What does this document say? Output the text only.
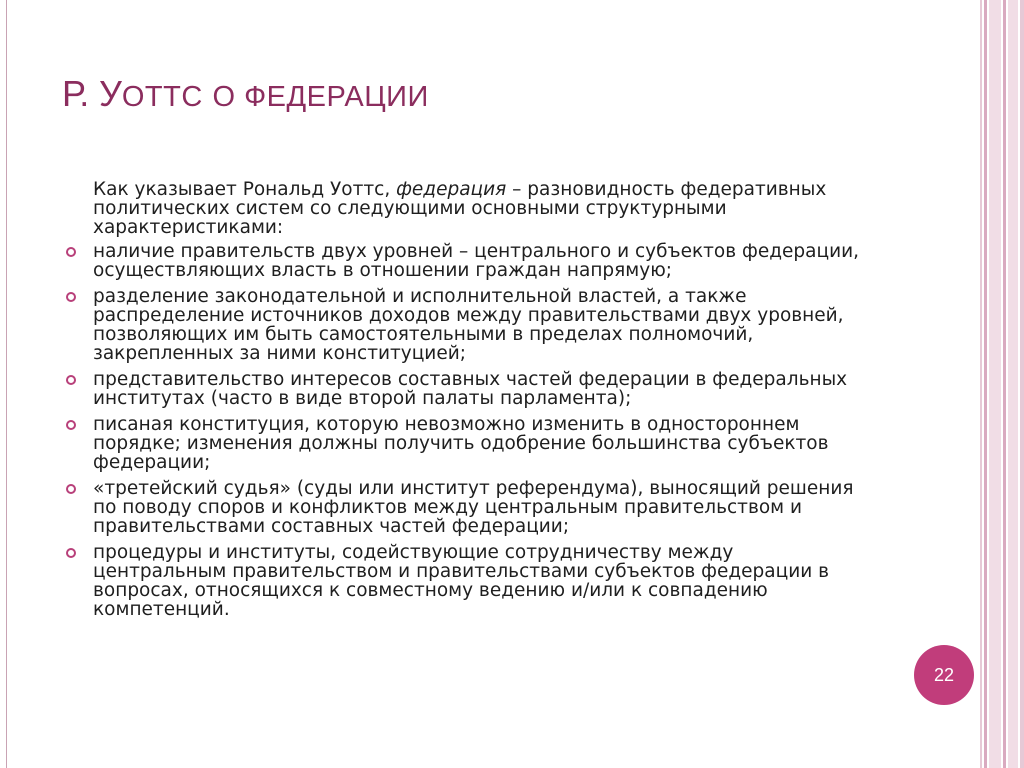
Р. УОТТС О ФЕДЕРАЦИИ

Как указывает Рональд Уоттс, федерация – разновидность федеративных политических систем со следующими основными структурными характеристиками:

наличие правительств двух уровней – центрального и субъектов федерации, осуществляющих власть в отношении граждан напрямую;
разделение законодательной и исполнительной властей, а также распределение источников доходов между правительствами двух уровней, позволяющих им быть самостоятельными в пределах полномочий, закрепленных за ними конституцией;
представительство интересов составных частей федерации в федеральных институтах (часто в виде второй палаты парламента);
писаная конституция, которую невозможно изменить в одностороннем порядке; изменения должны получить одобрение большинства субъектов федерации;
«третейский судья» (суды или институт референдума), выносящий решения по поводу споров и конфликтов между центральным правительством и правительствами составных частей федерации;
процедуры и институты, содействующие сотрудничеству между центральным правительством и правительствами субъектов федерации в вопросах, относящихся к совместному ведению и/или к совпадению компетенций.
22
